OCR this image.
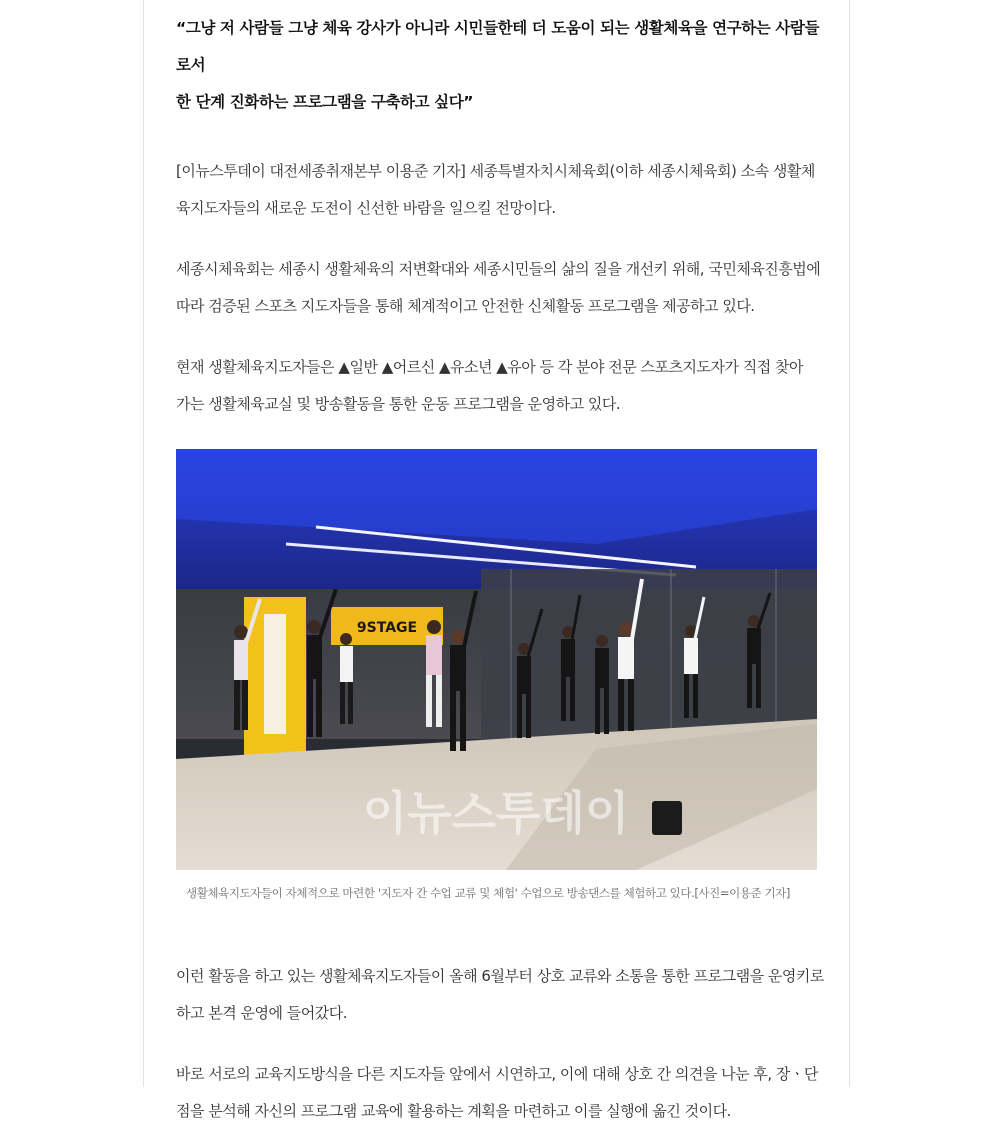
“그냥 저 사람들 그냥 체육 강사가 아니라 시민들한테 더 도움이 되는 생활체육을 연구하는 사람들로서
한 단계 진화하는 프로그램을 구축하고 싶다”
[이뉴스투데이 대전세종취재본부 이용준 기자] 세종특별자치시체육회(이하 세종시체육회) 소속 생활체
육지도자들의 새로운 도전이 신선한 바람을 일으킬 전망이다.
세종시체육회는 세종시 생활체육의 저변확대와 세종시민들의 삶의 질을 개선키 위해, 국민체육진흥법에
따라 검증된 스포츠 지도자들을 통해 체계적이고 안전한 신체활동 프로그램을 제공하고 있다.
현재 생활체육지도자들은 ▲일반 ▲어르신 ▲유소년 ▲유아 등 각 분야 전문 스포츠지도자가 직접 찾아
가는 생활체육교실 및 방송활동을 통한 운동 프로그램을 운영하고 있다.
9STAGE
이뉴스투데이
생활체육지도자들이 자체적으로 마련한 '지도자 간 수업 교류 및 체험' 수업으로 방송댄스를 체험하고 있다.[사진=이용준 기자]
이런 활동을 하고 있는 생활체육지도자들이 올해 6월부터 상호 교류와 소통을 통한 프로그램을 운영키로
하고 본격 운영에 들어갔다.
바로 서로의 교육지도방식을 다른 지도자들 앞에서 시연하고, 이에 대해 상호 간 의견을 나눈 후, 장ㆍ단
점을 분석해 자신의 프로그램 교육에 활용하는 계획을 마련하고 이를 실행에 옮긴 것이다.
